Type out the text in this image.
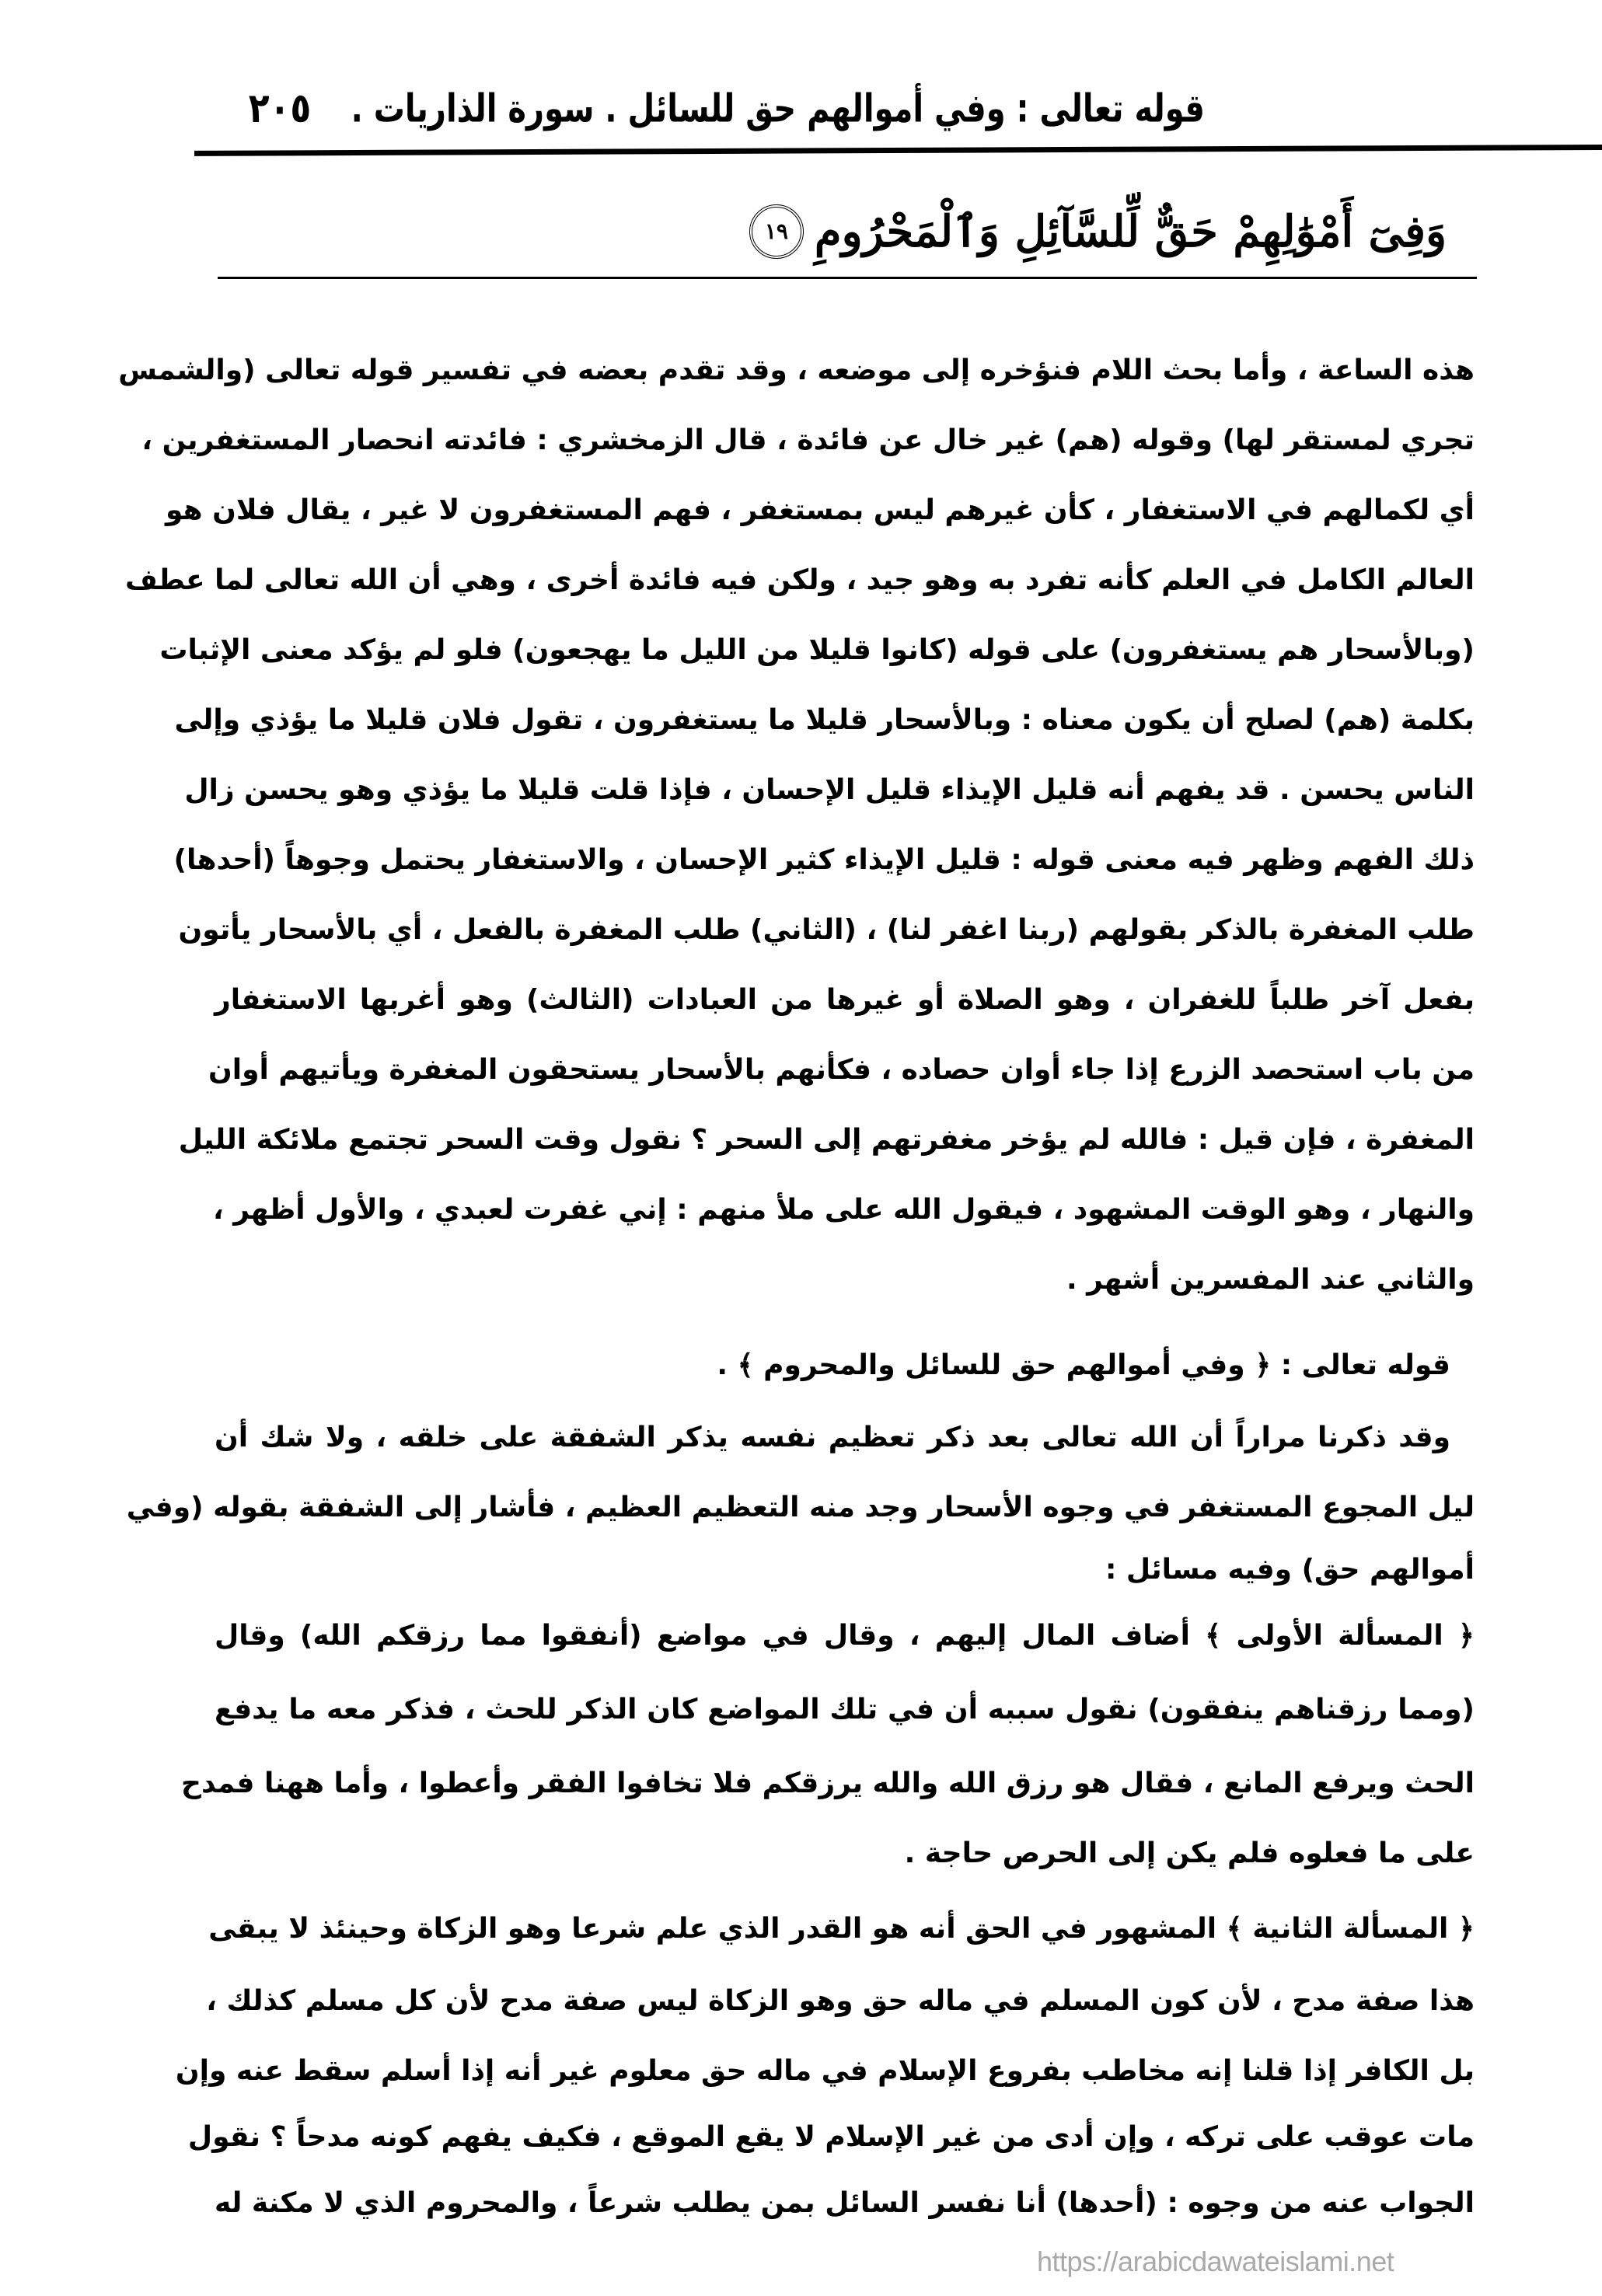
قوله تعالى : وفي أموالهم حق للسائل . سورة الذاريات .
٢٠٥
وَفِىٓ أَمْوَٰلِهِمْ حَقٌّ لِّلسَّآئِلِ وَٱلْمَحْرُومِ
١٩
هذه الساعة ، وأما بحث اللام فنؤخره إلى موضعه ، وقد تقدم بعضه في تفسير قوله تعالى (والشمس
تجري لمستقر لها) وقوله (هم) غير خال عن فائدة ، قال الزمخشري : فائدته انحصار المستغفرين ،
أي لكمالهم في الاستغفار ، كأن غيرهم ليس بمستغفر ، فهم المستغفرون لا غير ، يقال فلان هو
العالم الكامل في العلم كأنه تفرد به وهو جيد ، ولكن فيه فائدة أخرى ، وهي أن الله تعالى لما عطف
(وبالأسحار هم يستغفرون) على قوله (كانوا قليلا من الليل ما يهجعون) فلو لم يؤكد معنى الإثبات
بكلمة (هم) لصلح أن يكون معناه : وبالأسحار قليلا ما يستغفرون ، تقول فلان قليلا ما يؤذي وإلى
الناس يحسن . قد يفهم أنه قليل الإيذاء قليل الإحسان ، فإذا قلت قليلا ما يؤذي وهو يحسن زال
ذلك الفهم وظهر فيه معنى قوله : قليل الإيذاء كثير الإحسان ، والاستغفار يحتمل وجوهاً (أحدها)
طلب المغفرة بالذكر بقولهم (ربنا اغفر لنا) ، (الثاني) طلب المغفرة بالفعل ، أي بالأسحار يأتون
بفعل آخر طلباً للغفران ، وهو الصلاة أو غيرها من العبادات (الثالث) وهو أغربها الاستغفار
من باب استحصد الزرع إذا جاء أوان حصاده ، فكأنهم بالأسحار يستحقون المغفرة ويأتيهم أوان
المغفرة ، فإن قيل : فالله لم يؤخر مغفرتهم إلى السحر ؟ نقول وقت السحر تجتمع ملائكة الليل
والنهار ، وهو الوقت المشهود ، فيقول الله على ملأ منهم : إني غفرت لعبدي ، والأول أظهر ،
والثاني عند المفسرين أشهر .
قوله تعالى : ﴿ وفي أموالهم حق للسائل والمحروم ﴾ .
وقد ذكرنا مراراً أن الله تعالى بعد ذكر تعظيم نفسه يذكر الشفقة على خلقه ، ولا شك أن
ليل المجوع المستغفر في وجوه الأسحار وجد منه التعظيم العظيم ، فأشار إلى الشفقة بقوله (وفي
أموالهم حق) وفيه مسائل :
﴿ المسألة الأولى ﴾ أضاف المال إليهم ، وقال في مواضع (أنفقوا مما رزقكم الله) وقال
(ومما رزقناهم ينفقون) نقول سببه أن في تلك المواضع كان الذكر للحث ، فذكر معه ما يدفع
الحث ويرفع المانع ، فقال هو رزق الله والله يرزقكم فلا تخافوا الفقر وأعطوا ، وأما ههنا فمدح
على ما فعلوه فلم يكن إلى الحرص حاجة .
﴿ المسألة الثانية ﴾ المشهور في الحق أنه هو القدر الذي علم شرعا وهو الزكاة وحينئذ لا يبقى
هذا صفة مدح ، لأن كون المسلم في ماله حق وهو الزكاة ليس صفة مدح لأن كل مسلم كذلك ،
بل الكافر إذا قلنا إنه مخاطب بفروع الإسلام في ماله حق معلوم غير أنه إذا أسلم سقط عنه وإن
مات عوقب على تركه ، وإن أدى من غير الإسلام لا يقع الموقع ، فكيف يفهم كونه مدحاً ؟ نقول
الجواب عنه من وجوه : (أحدها) أنا نفسر السائل بمن يطلب شرعاً ، والمحروم الذي لا مكنة له
https://arabicdawateislami.net
